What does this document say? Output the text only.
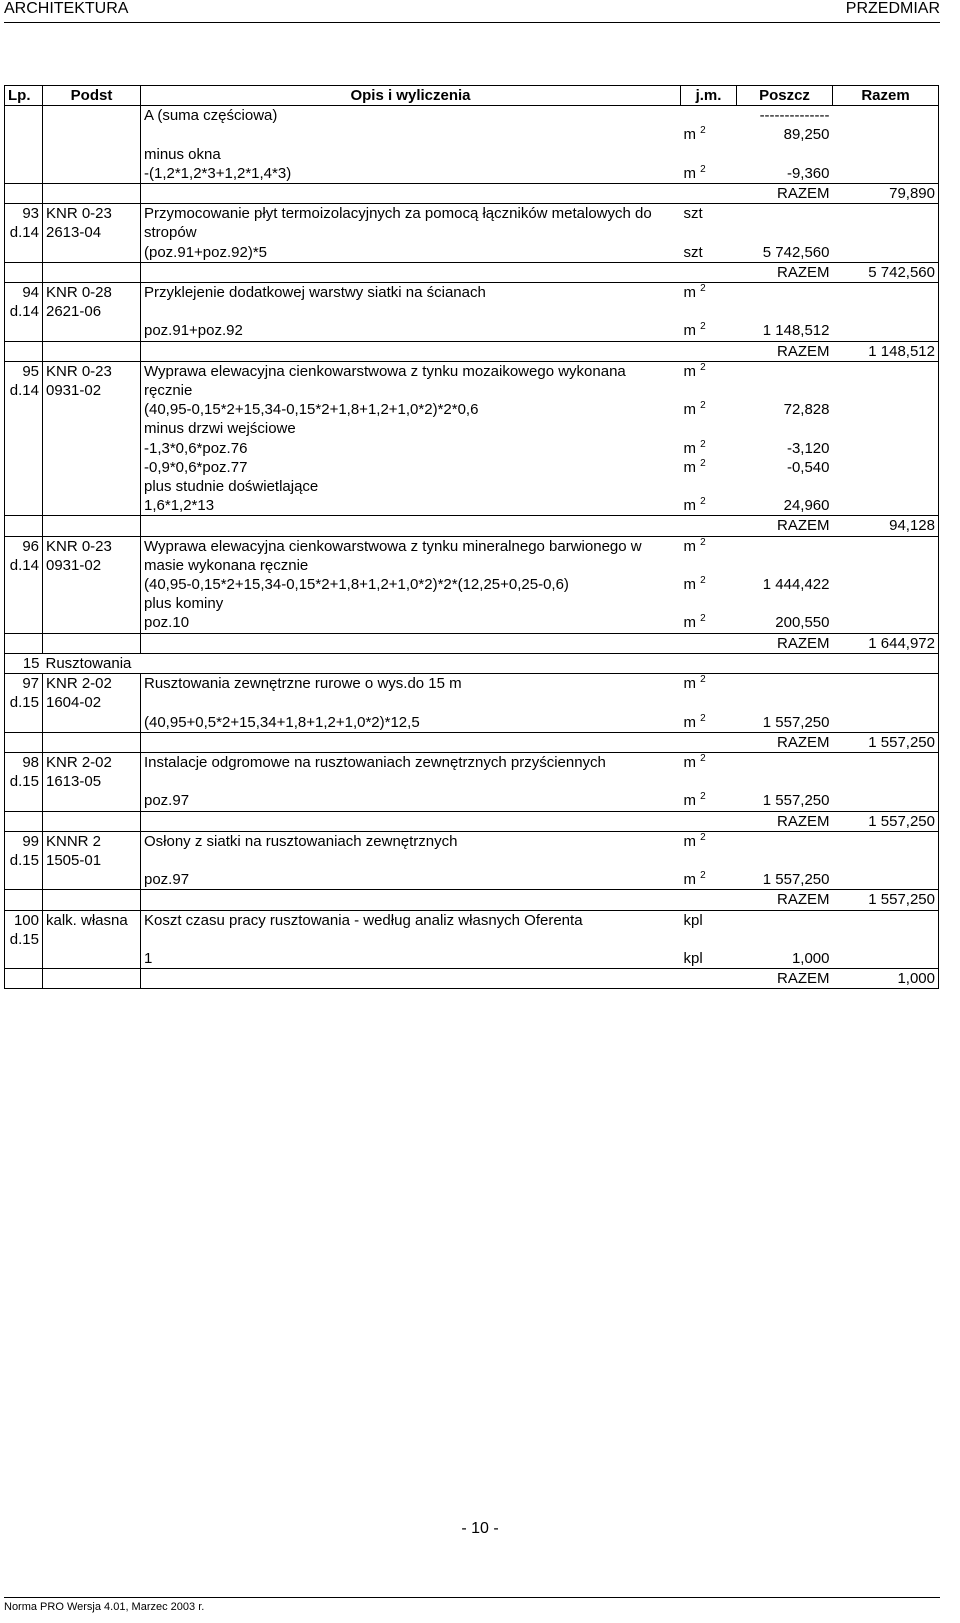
ARCHITEKTURA	PRZEDMIAR
Lp.	Podst	Opis i wyliczenia	j.m.	Poszcz	Razem
		A (suma częściowa)		--------------	
			m $^2$	89,250	
		minus okna			
		-(1,2*1,2*3+1,2*1,4*3)	m $^2$	-9,360	
		RAZEM			79,890
93	KNR 0-23	Przymocowanie płyt termoizolacyjnych za pomocą łączników metalowych do	szt		
d.14	2613-04	stropów			
		(poz.91+poz.92)*5	szt	5 742,560	
		RAZEM			5 742,560
94	KNR 0-28	Przyklejenie dodatkowej warstwy siatki na ścianach	m $^2$		
d.14	2621-06				
		poz.91+poz.92	m $^2$	1 148,512	
		RAZEM			1 148,512
95	KNR 0-23	Wyprawa elewacyjna cienkowarstwowa z tynku mozaikowego wykonana	m $^2$		
d.14	0931-02	ręcznie			
		(40,95-0,15*2+15,34-0,15*2+1,8+1,2+1,0*2)*2*0,6	m $^2$	72,828	
		minus drzwi wejściowe			
		-1,3*0,6*poz.76	m $^2$	-3,120	
		-0,9*0,6*poz.77	m $^2$	-0,540	
		plus studnie doświetlające			
		1,6*1,2*13	m $^2$	24,960	
		RAZEM			94,128
96	KNR 0-23	Wyprawa elewacyjna cienkowarstwowa z tynku mineralnego barwionego w	m $^2$		
d.14	0931-02	masie wykonana ręcznie			
		(40,95-0,15*2+15,34-0,15*2+1,8+1,2+1,0*2)*2*(12,25+0,25-0,6)	m $^2$	1 444,422	
		plus kominy			
		poz.10	m $^2$	200,550	
		RAZEM			1 644,972
15	Rusztowania				
97	KNR 2-02	Rusztowania zewnętrzne rurowe o wys.do 15 m	m $^2$		
d.15	1604-02				
		(40,95+0,5*2+15,34+1,8+1,2+1,0*2)*12,5	m $^2$	1 557,250	
		RAZEM			1 557,250
98	KNR 2-02	Instalacje odgromowe na rusztowaniach zewnętrznych przyściennych	m $^2$		
d.15	1613-05				
		poz.97	m $^2$	1 557,250	
		RAZEM			1 557,250
99	KNNR 2	Osłony z siatki na rusztowaniach zewnętrznych	m $^2$		
d.15	1505-01				
		poz.97	m $^2$	1 557,250	
		RAZEM			1 557,250
100	kalk. własna	Koszt czasu pracy rusztowania - według analiz własnych Oferenta	kpl		
d.15					
		1	kpl	1,000	
		RAZEM			1,000
- 10 -
Norma PRO Wersja 4.01, Marzec 2003 r.
